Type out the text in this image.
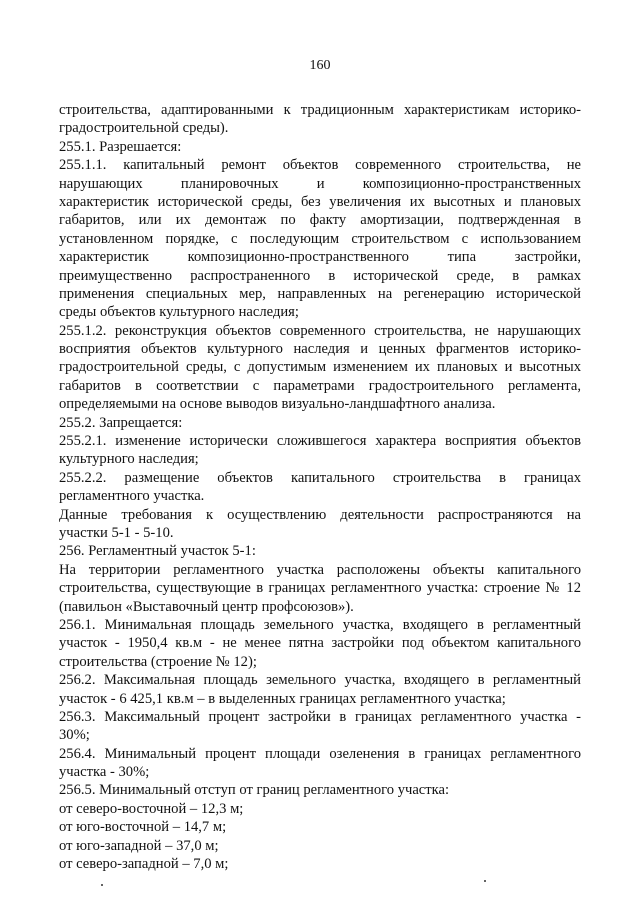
160
строительства, адаптированными к традиционным характеристикам историко-
градостроительной среды).
255.1. Разрешается:
255.1.1. капитальный ремонт объектов современного строительства, не
нарушающих планировочных и композиционно-пространственных
характеристик исторической среды, без увеличения их высотных и плановых
габаритов, или их демонтаж по факту амортизации, подтвержденная в
установленном порядке, с последующим строительством с использованием
характеристик композиционно-пространственного типа застройки,
преимущественно распространенного в исторической среде, в рамках
применения специальных мер, направленных на регенерацию исторической
среды объектов культурного наследия;
255.1.2. реконструкция объектов современного строительства, не нарушающих
восприятия объектов культурного наследия и ценных фрагментов историко-
градостроительной среды, с допустимым изменением их плановых и высотных
габаритов в соответствии с параметрами градостроительного регламента,
определяемыми на основе выводов визуально-ландшафтного анализа.
255.2. Запрещается:
255.2.1. изменение исторически сложившегося характера восприятия объектов
культурного наследия;
255.2.2. размещение объектов капитального строительства в границах
регламентного участка.
Данные требования к осуществлению деятельности распространяются на
участки 5-1 - 5-10.
256. Регламентный участок 5-1:
На территории регламентного участка расположены объекты капитального
строительства, существующие в границах регламентного участка: строение № 12
(павильон «Выставочный центр профсоюзов»).
256.1. Минимальная площадь земельного участка, входящего в регламентный
участок - 1950,4 кв.м - не менее пятна застройки под объектом капитального
строительства (строение № 12);
256.2. Максимальная площадь земельного участка, входящего в регламентный
участок - 6 425,1 кв.м – в выделенных границах регламентного участка;
256.3. Максимальный процент застройки в границах регламентного участка -
30%;
256.4. Минимальный процент площади озеленения в границах регламентного
участка - 30%;
256.5. Минимальный отступ от границ регламентного участка:
от северо-восточной – 12,3 м;
от юго-восточной – 14,7 м;
от юго-западной – 37,0 м;
от северо-западной – 7,0 м;
